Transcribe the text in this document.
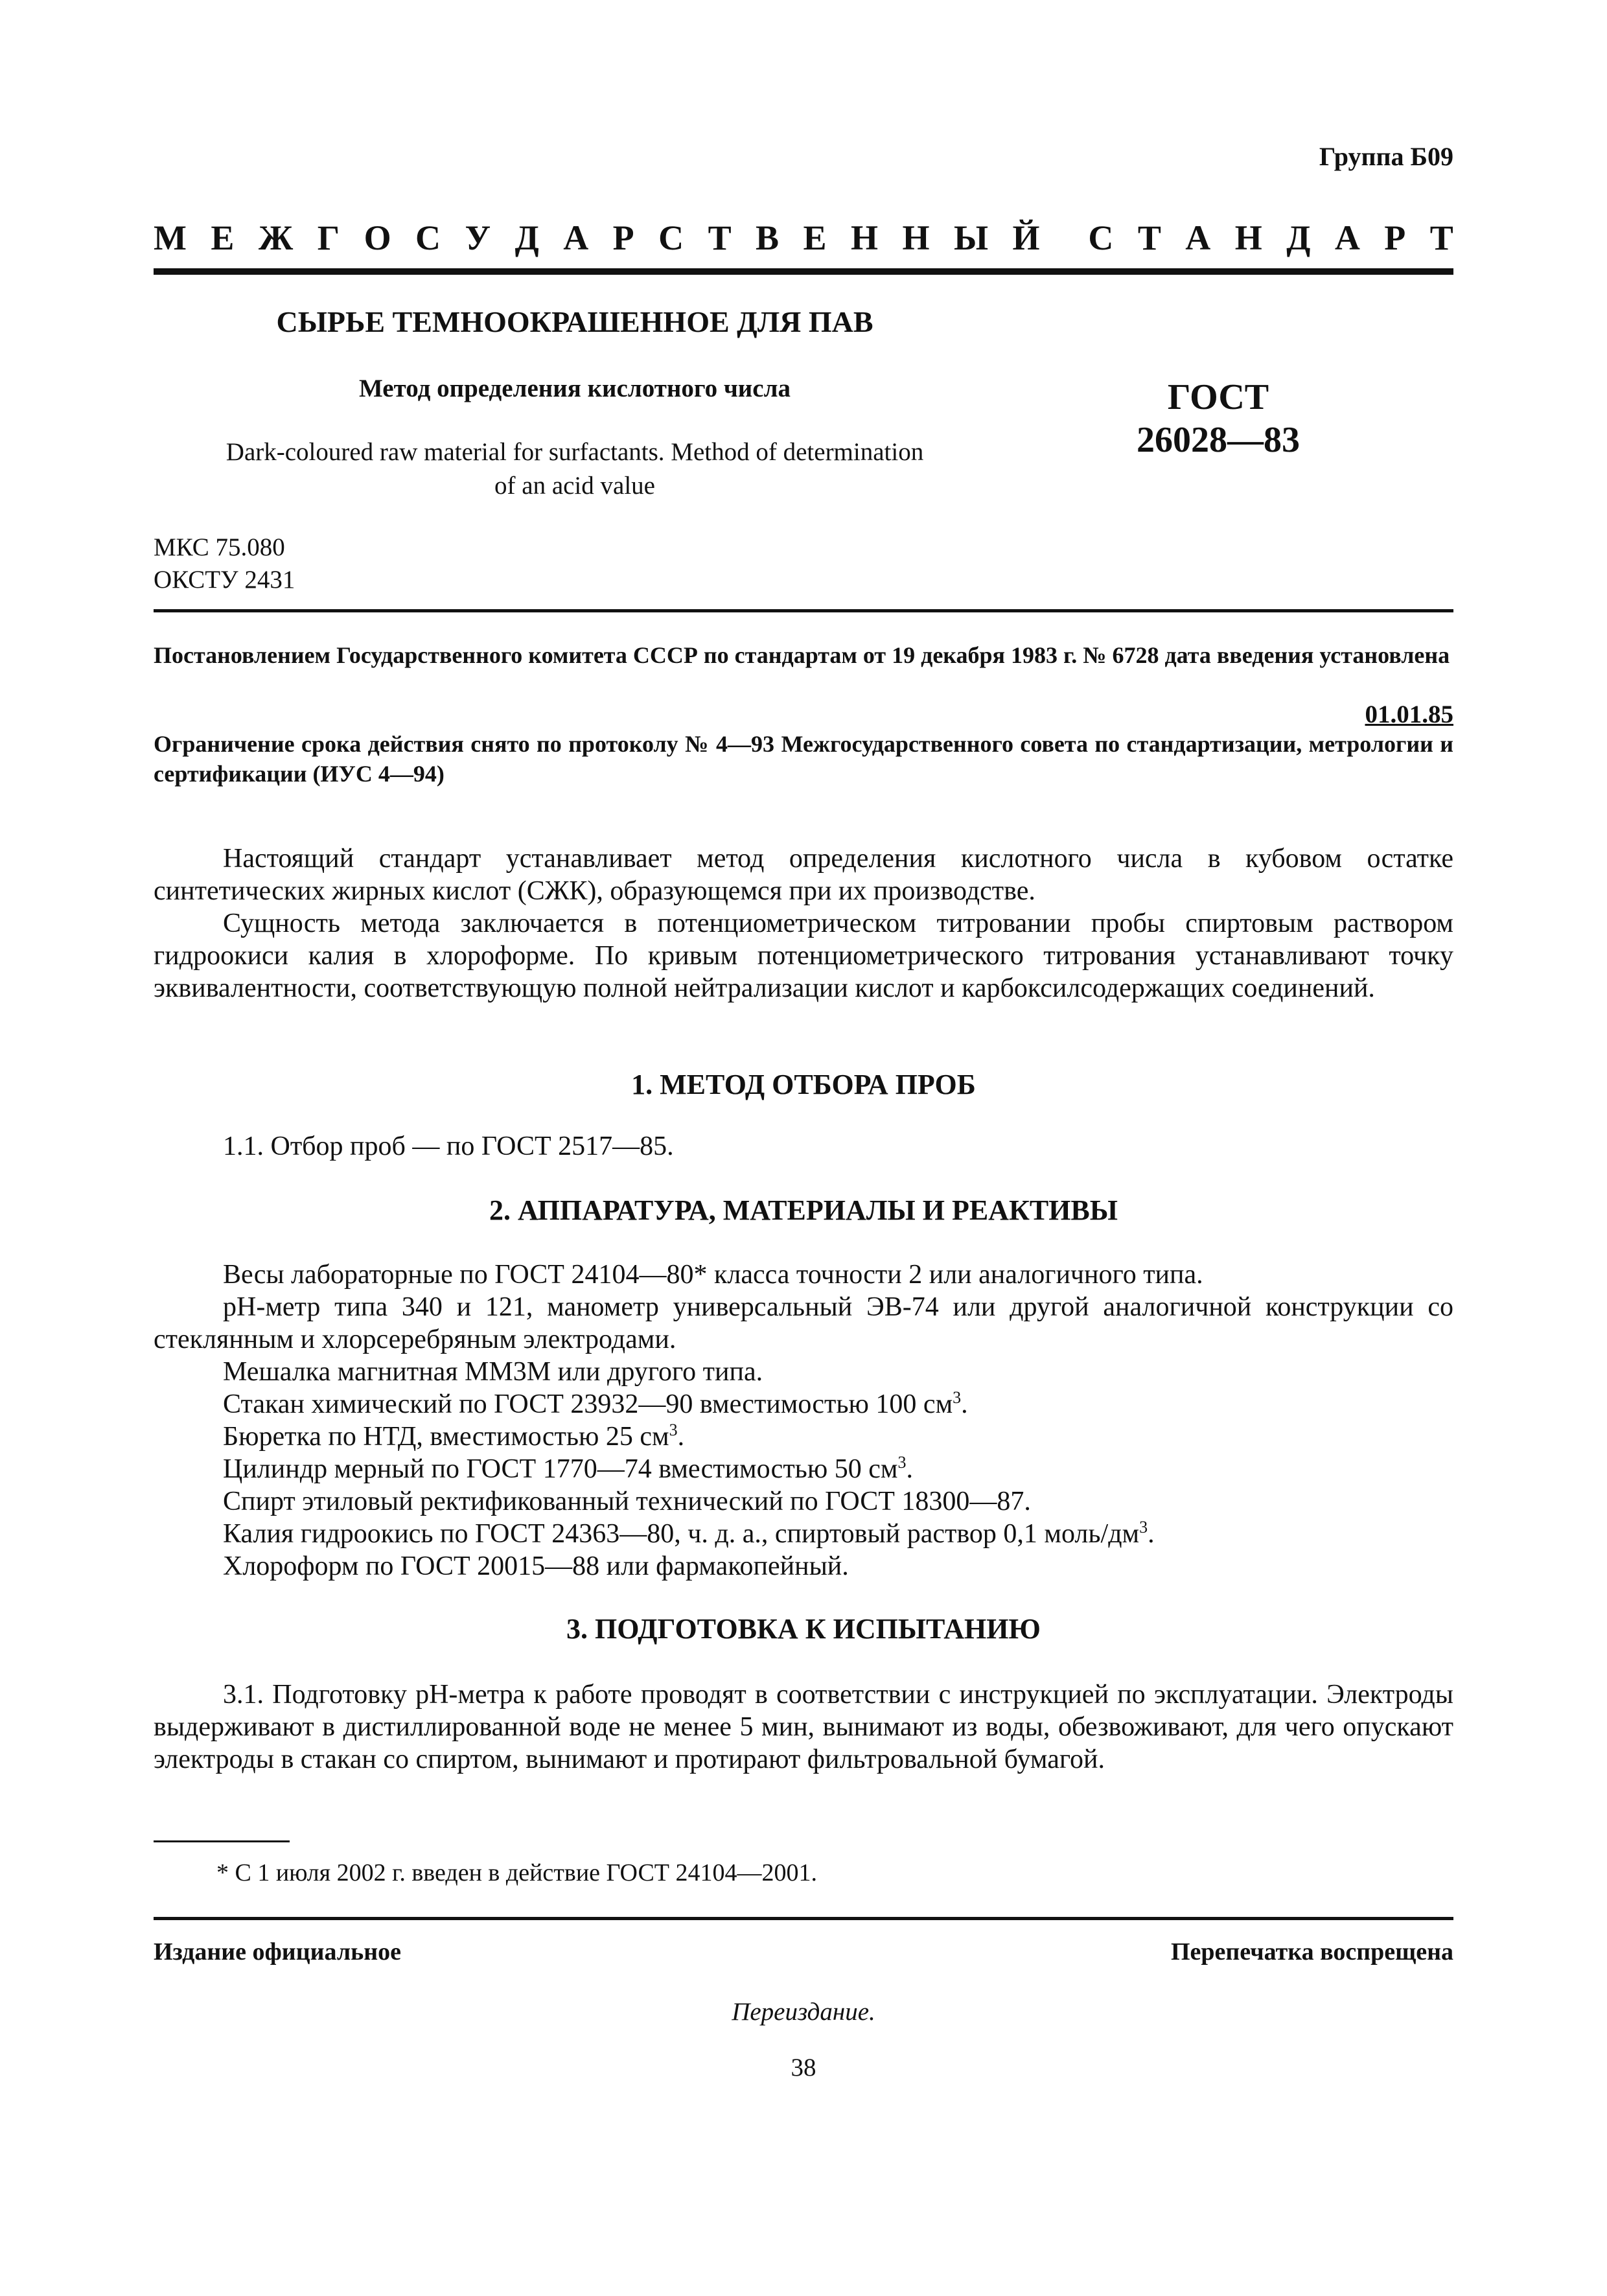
Группа Б09
М Е Ж Г О С У Д А Р С Т В Е Н Н Ы Й С Т А Н Д А Р Т
СЫРЬЕ ТЕМНООКРАШЕННОЕ ДЛЯ ПАВ
Метод определения кислотного числа
Dark-coloured raw material for surfactants. Method of determination
of an acid value
ГОСТ
26028—83
МКС 75.080
ОКСТУ 2431
Постановлением Государственного комитета СССР по стандартам от 19 декабря 1983 г. № 6728 дата введения установлена
01.01.85
Ограничение срока действия снято по протоколу № 4—93 Межгосударственного совета по стандартизации, метрологии и сертификации (ИУС 4—94)

Настоящий стандарт устанавливает метод определения кислотного числа в кубовом остатке синтетических жирных кислот (СЖК), образующемся при их производстве.

Сущность метода заключается в потенциометрическом титровании пробы спиртовым раствором гидроокиси калия в хлороформе. По кривым потенциометрического титрования устанавливают точку эквивалентности, соответствующую полной нейтрализации кислот и карбоксилсодержащих соединений.

1. МЕТОД ОТБОРА ПРОБ

1.1. Отбор проб — по ГОСТ 2517—85.

2. АППАРАТУРА, МАТЕРИАЛЫ И РЕАКТИВЫ

Весы лабораторные по ГОСТ 24104—80* класса точности 2 или аналогичного типа.

рН-метр типа 340 и 121, манометр универсальный ЭВ-74 или другой аналогичной конструкции со стеклянным и хлорсеребряным электродами.

Мешалка магнитная ММ3М или другого типа.

Стакан химический по ГОСТ 23932—90 вместимостью 100 $см^3$.

Бюретка по НТД, вместимостью 25 $см^3$.

Цилиндр мерный по ГОСТ 1770—74 вместимостью 50 $см^3$.

Спирт этиловый ректификованный технический по ГОСТ 18300—87.

Калия гидроокись по ГОСТ 24363—80, ч. д. а., спиртовый раствор 0,1 моль/$дм^3$.

Хлороформ по ГОСТ 20015—88 или фармакопейный.

3. ПОДГОТОВКА К ИСПЫТАНИЮ

3.1. Подготовку рН-метра к работе проводят в соответствии с инструкцией по эксплуатации. Электроды выдерживают в дистиллированной воде не менее 5 мин, вынимают из воды, обезвоживают, для чего опускают электроды в стакан со спиртом, вынимают и протирают фильтровальной бумагой.

* С 1 июля 2002 г. введен в действие ГОСТ 24104—2001.
Издание официальное	Перепечатка воспрещена
Переиздание.
38
